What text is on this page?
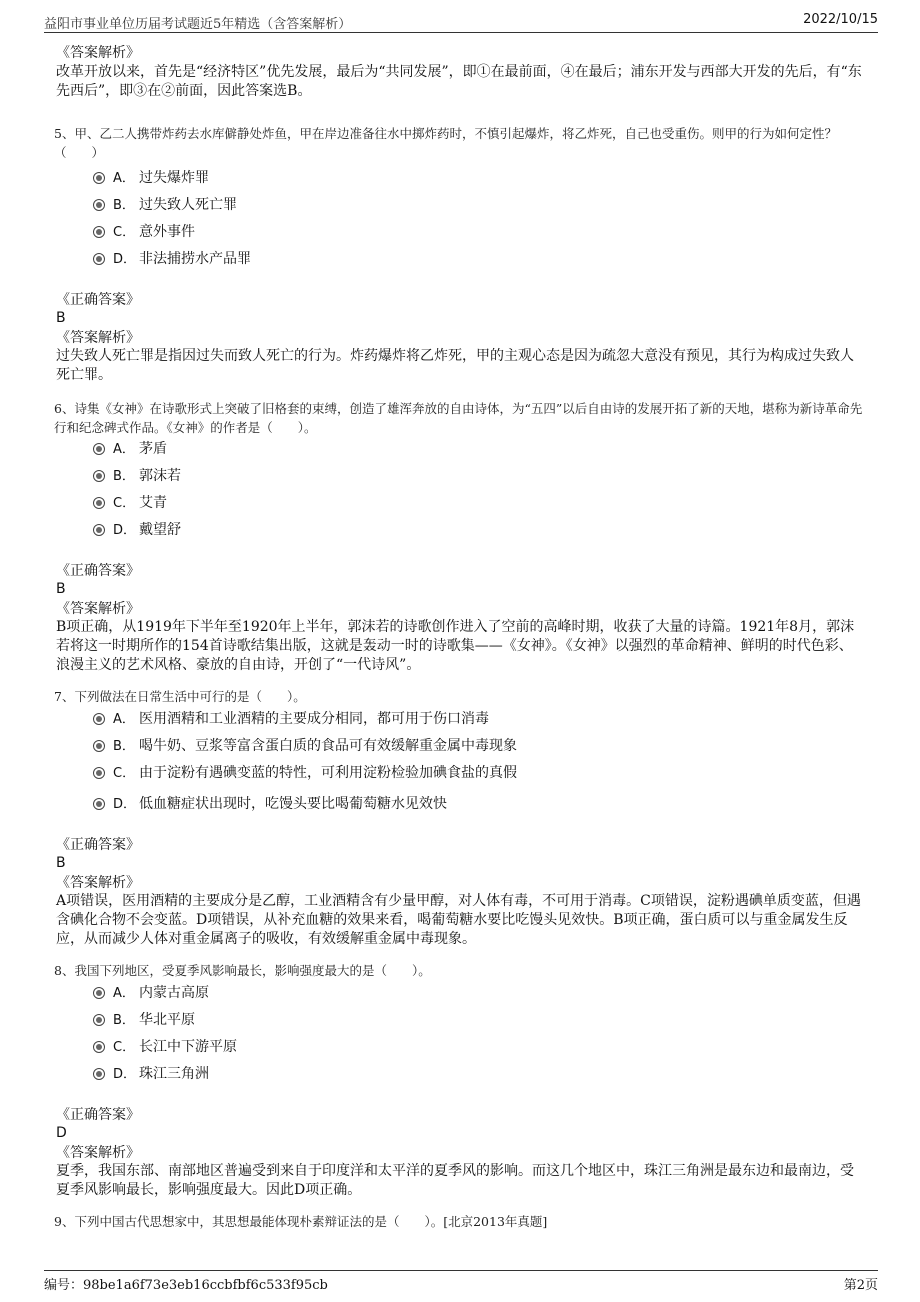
益阳市事业单位历届考试题近5年精选（含答案解析）	2022/10/15
《答案解析》
改革开放以来，首先是“经济特区”优先发展，最后为“共同发展”，即①在最前面，④在最后；浦东开发与西部大开发的先后，有“东先西后”，即③在②前面，因此答案选B。
5、甲、乙二人携带炸药去水库僻静处炸鱼，甲在岸边准备往水中掷炸药时，不慎引起爆炸，将乙炸死，自己也受重伤。则甲的行为如何定性？（　　）
A． 过失爆炸罪
B． 过失致人死亡罪
C． 意外事件
D． 非法捕捞水产品罪
《正确答案》
B
《答案解析》
过失致人死亡罪是指因过失而致人死亡的行为。炸药爆炸将乙炸死，甲的主观心态是因为疏忽大意没有预见，其行为构成过失致人死亡罪。
6、诗集《女神》在诗歌形式上突破了旧格套的束缚，创造了雄浑奔放的自由诗体，为“五四”以后自由诗的发展开拓了新的天地，堪称为新诗革命先行和纪念碑式作品。《女神》的作者是（　　）。
A． 茅盾
B． 郭沫若
C． 艾青
D． 戴望舒
《正确答案》
B
《答案解析》
B项正确，从1919年下半年至1920年上半年，郭沫若的诗歌创作进入了空前的高峰时期，收获了大量的诗篇。1921年8月，郭沫若将这一时期所作的154首诗歌结集出版，这就是轰动一时的诗歌集——《女神》。《女神》以强烈的革命精神、鲜明的时代色彩、浪漫主义的艺术风格、豪放的自由诗，开创了“一代诗风”。
7、下列做法在日常生活中可行的是（　　）。
A． 医用酒精和工业酒精的主要成分相同，都可用于伤口消毒
B． 喝牛奶、豆浆等富含蛋白质的食品可有效缓解重金属中毒现象
C． 由于淀粉有遇碘变蓝的特性，可利用淀粉检验加碘食盐的真假
D． 低血糖症状出现时，吃馒头要比喝葡萄糖水见效快
《正确答案》
B
《答案解析》
A项错误，医用酒精的主要成分是乙醇，工业酒精含有少量甲醇，对人体有毒，不可用于消毒。C项错误，淀粉遇碘单质变蓝，但遇含碘化合物不会变蓝。D项错误，从补充血糖的效果来看，喝葡萄糖水要比吃馒头见效快。B项正确，蛋白质可以与重金属发生反应，从而减少人体对重金属离子的吸收，有效缓解重金属中毒现象。
8、我国下列地区，受夏季风影响最长，影响强度最大的是（　　）。
A． 内蒙古高原
B． 华北平原
C． 长江中下游平原
D． 珠江三角洲
《正确答案》
D
《答案解析》
夏季，我国东部、南部地区普遍受到来自于印度洋和太平洋的夏季风的影响。而这几个地区中，珠江三角洲是最东边和最南边，受夏季风影响最长，影响强度最大。因此D项正确。
9、下列中国古代思想家中，其思想最能体现朴素辩证法的是（　　）。[北京2013年真题]
编号：98be1a6f73e3eb16ccbfbf6c533f95cb	第2页
